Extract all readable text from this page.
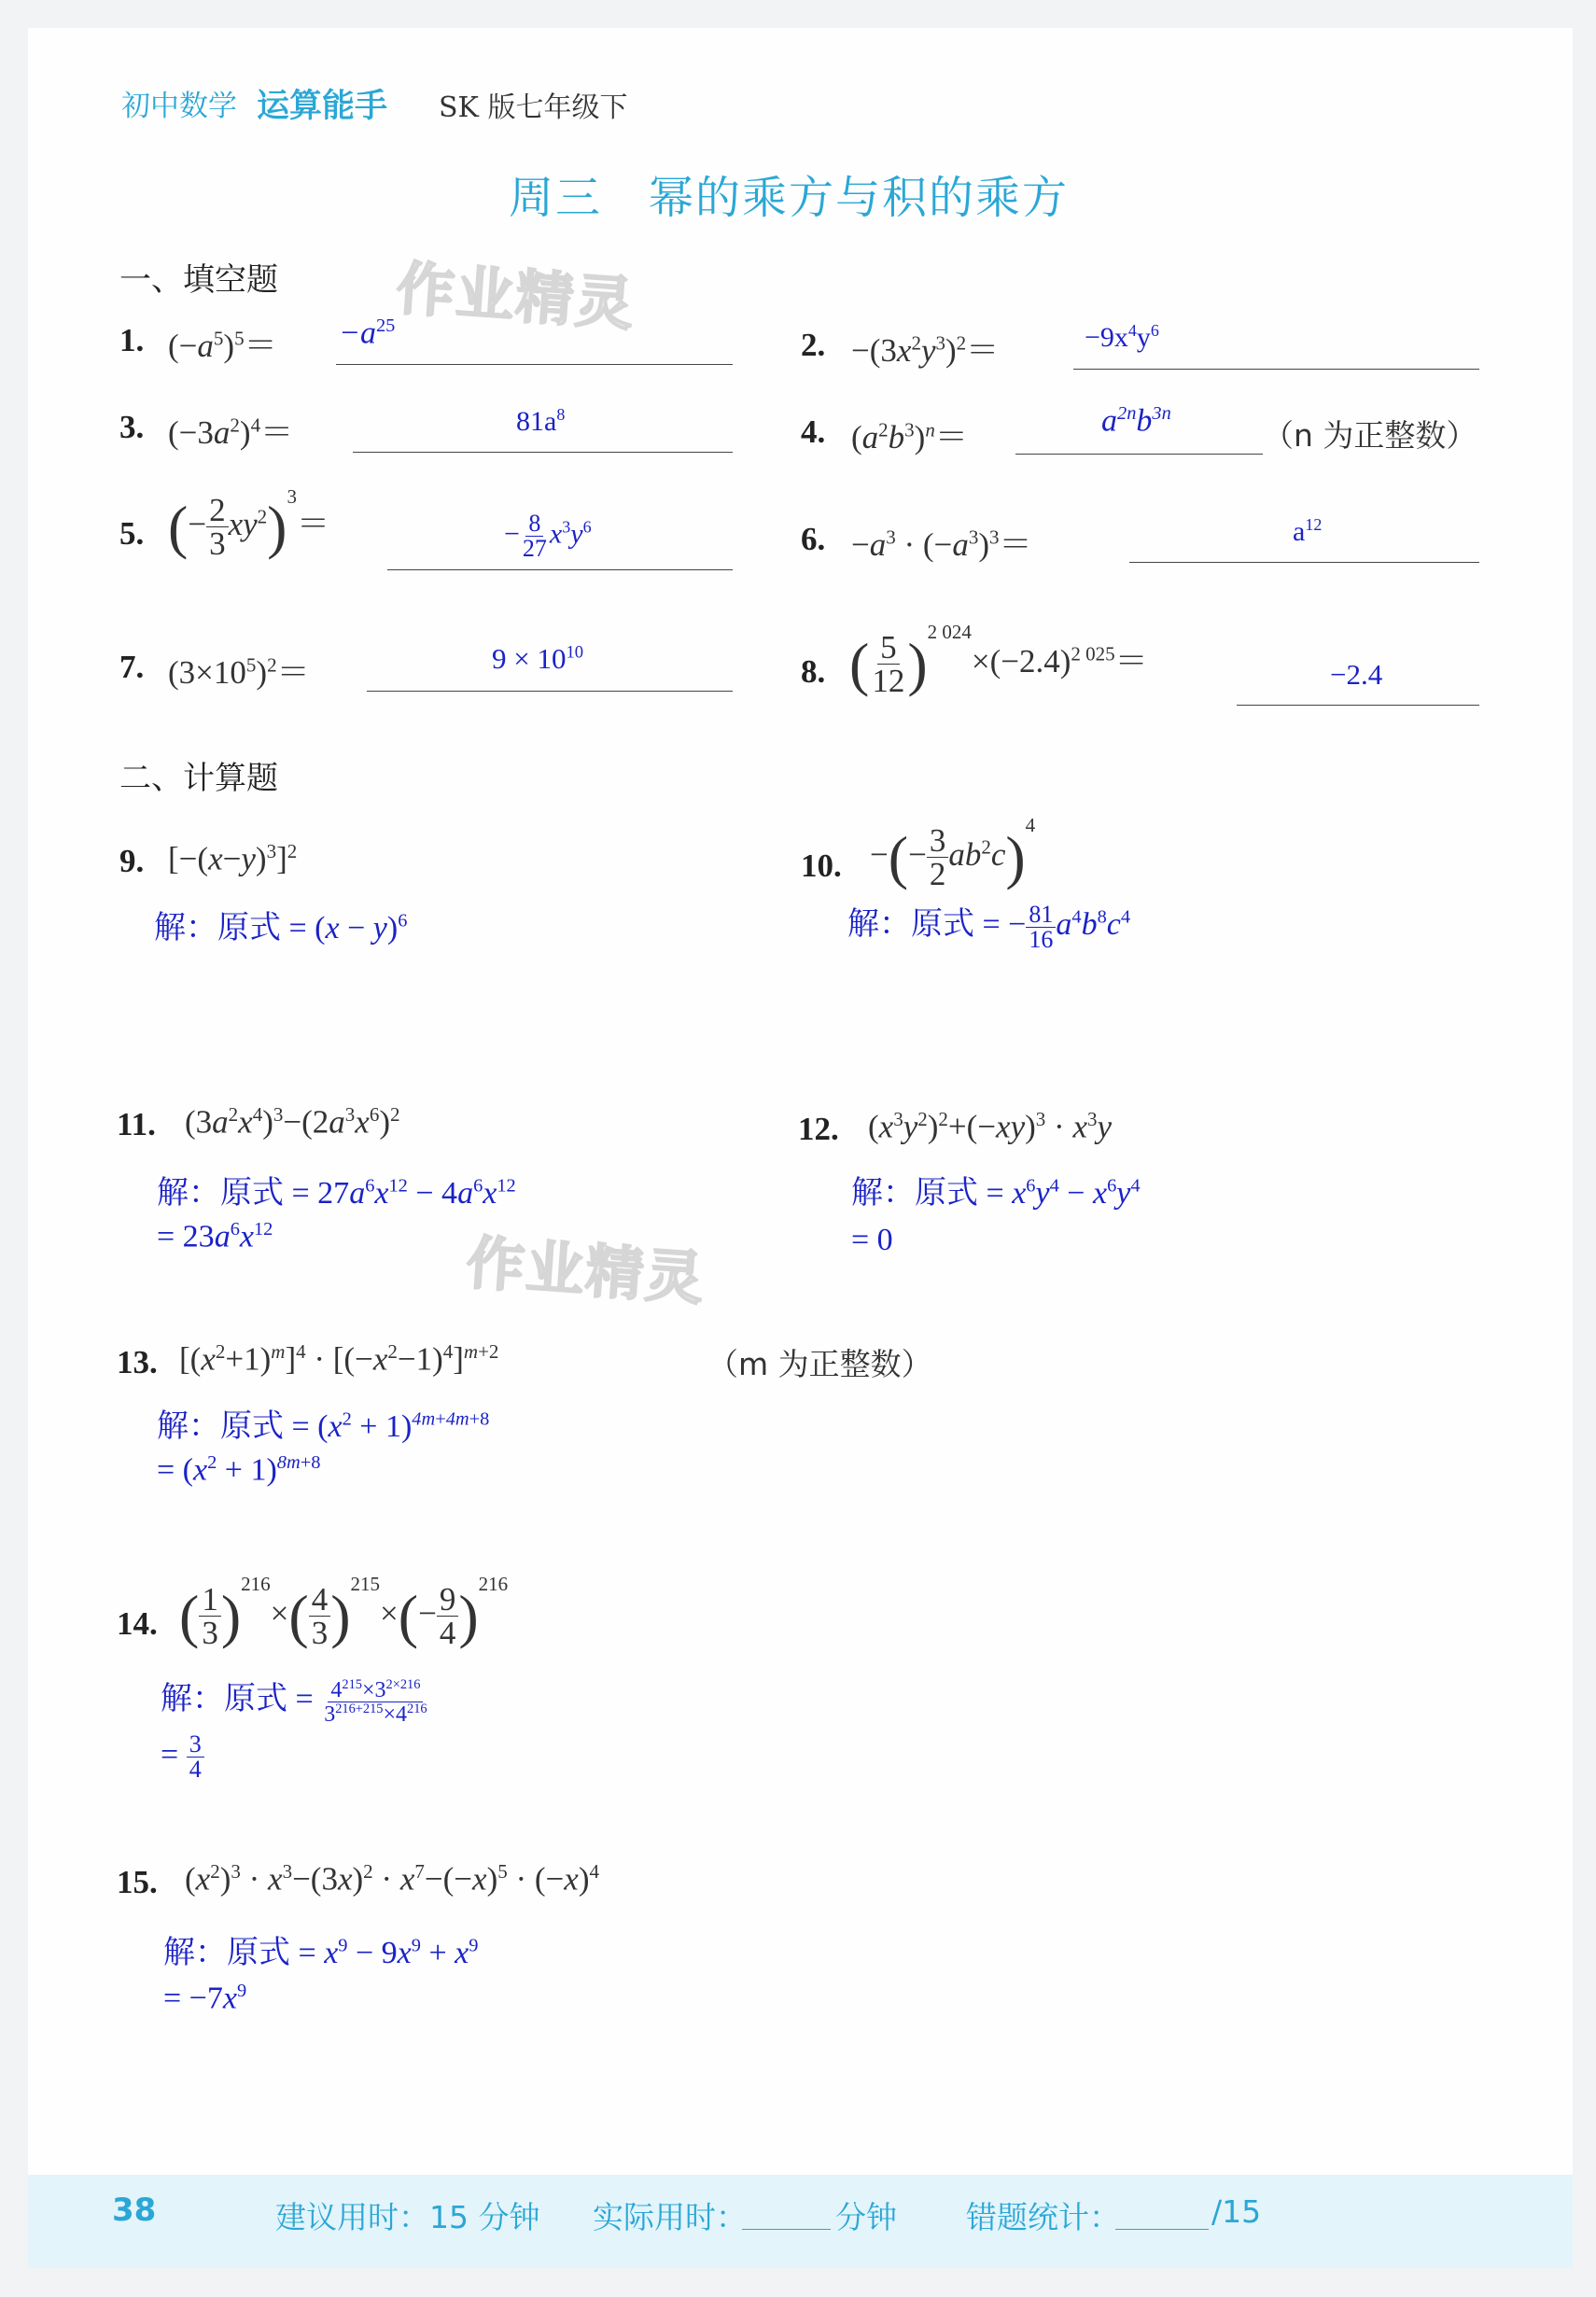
初中数学 运算能手 SK 版七年级下
周三　幂的乘方与积的乘方
作业精灵
作业精灵
一、填空题
1. $(-a^5)^5= -a^{25}$
2. $-(3x^2y^3)^2=$	$-9x^4y^6$
3. $(-3a^2)^4=$	$81a^8$	4. $(a^2b^3)^n=$	$a^{2n}b^{3n}$
（n 为正整数）
5. (− $\frac{2}{3} xy^2)^3=$	− $\frac{8}{27} x^3y^6$	6. $-a^3 \cdot (-a^3)^3=$	$a^{12}$
7. $(3\times 10^5)^2=$	$9 \times 10^{10}$
8. ( $\frac{5}{12} )^{2 024}\times(-2.4)^{2 025}=$	−2.4
二、计算题
9. $[-(x-y)^3]^2$
解：原式 = $(x - y)^6$
10. −(− $\frac{3}{2} ab^2c)^4$
解：原式 = − $\frac{81}{16} a^4b^8c^4$
11. $(3a^2x^4)^3-(2a^3x^6)^2$
解：原式 = $27a^6x^{12} - 4a^6x^{12}$
= $23a^6x^{12}$
12. $(x^3y^2)^2+(-xy)^3 \cdot x^3y$
解：原式 = $x^6y^4 - x^6y^4$
= 0
13. $[(x^2+1)^m]^4 \cdot [(-x^2-1)^4]^{m+2}$	（m 为正整数）
解：原式 = $(x^2 + 1)^{4m+4m+8}$
= $(x^2 + 1)^{8m+8}$
14. ( $\frac{1}{3} )^{216}\times( \frac{4}{3} )^{215}\times(- \frac{9}{4} )^{216}$
解：原式 = $\frac{4^{215}\times 3^{2\times 216}}{3^{216+215}\times 4^{216}}$
= $\frac{3}{4}$
15. $(x^2)^3 \cdot x^3-(3x)^2 \cdot x^7-(-x)^5 \cdot (-x)^4$
解：原式 = $x^9 - 9x^9 + x^9$
= $-7x^9$
38	建议用时：15 分钟 实际用时：	分钟 错题统计：	/15
